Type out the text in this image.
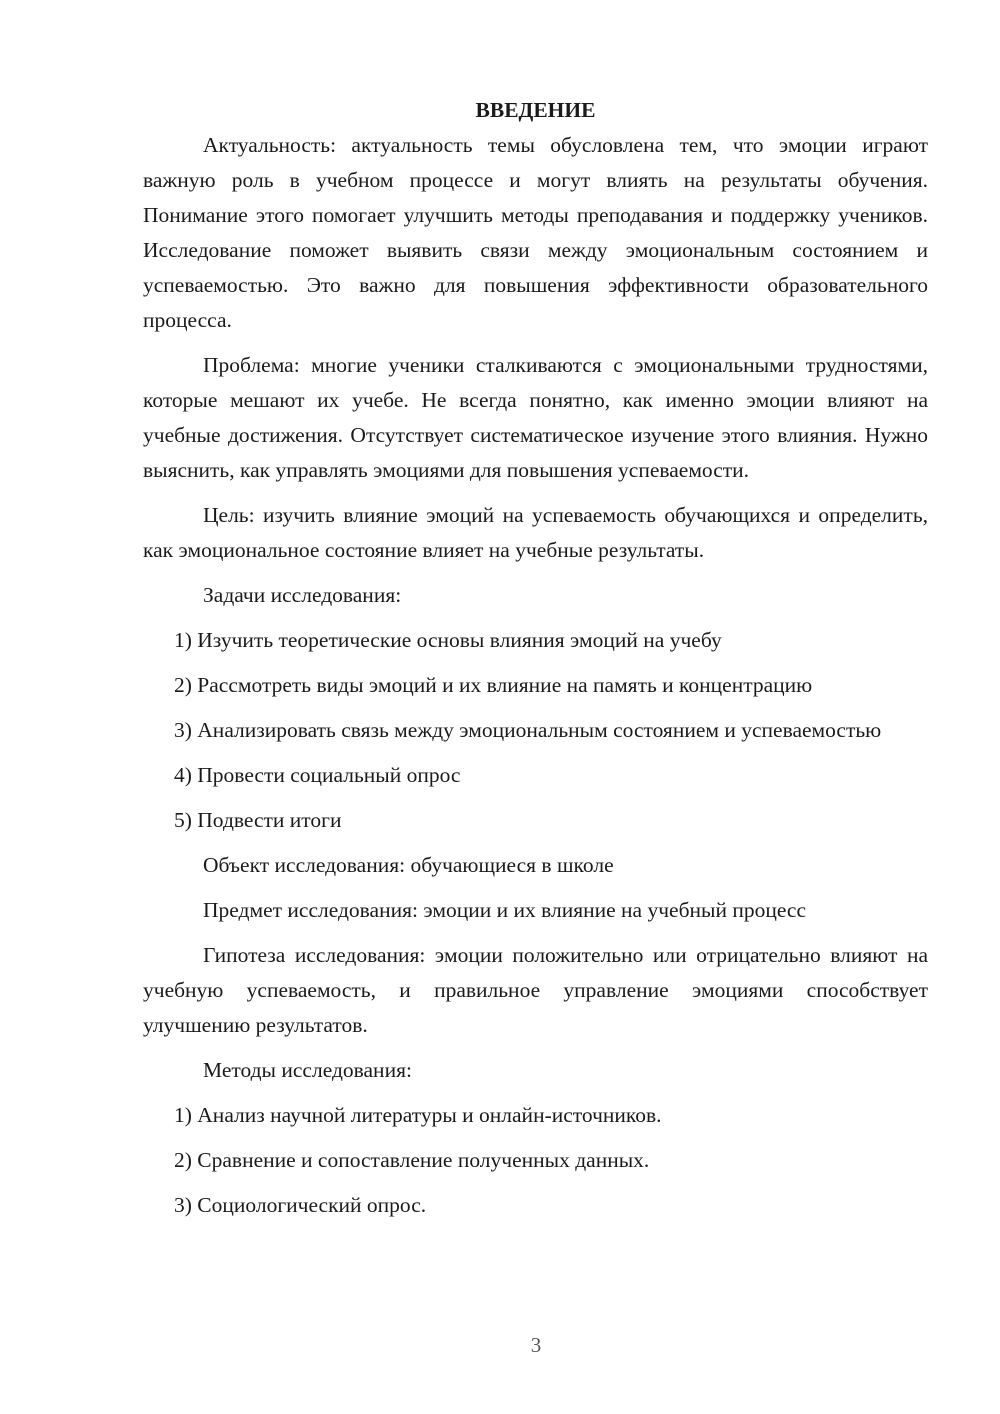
ВВЕДЕНИЕ

Актуальность: актуальность темы обусловлена тем, что эмоции играют важную роль в учебном процессе и могут влиять на результаты обучения. Понимание этого помогает улучшить методы преподавания и поддержку учеников. Исследование поможет выявить связи между эмоциональным состоянием и успеваемостью. Это важно для повышения эффективности образовательного процесса.

Проблема: многие ученики сталкиваются с эмоциональными трудностями, которые мешают их учебе. Не всегда понятно, как именно эмоции влияют на учебные достижения. Отсутствует систематическое изучение этого влияния. Нужно выяснить, как управлять эмоциями для повышения успеваемости.

Цель: изучить влияние эмоций на успеваемость обучающихся и определить, как эмоциональное состояние влияет на учебные результаты.

Задачи исследования:

1) Изучить теоретические основы влияния эмоций на учебу

2) Рассмотреть виды эмоций и их влияние на память и концентрацию

3) Анализировать связь между эмоциональным состоянием и успеваемостью

4) Провести социальный опрос

5) Подвести итоги

Объект исследования: обучающиеся в школе

Предмет исследования: эмоции и их влияние на учебный процесс

Гипотеза исследования: эмоции положительно или отрицательно влияют на учебную успеваемость, и правильное управление эмоциями способствует улучшению результатов.

Методы исследования:

1) Анализ научной литературы и онлайн-источников.

2) Сравнение и сопоставление полученных данных.

3) Социологический опрос.

3
